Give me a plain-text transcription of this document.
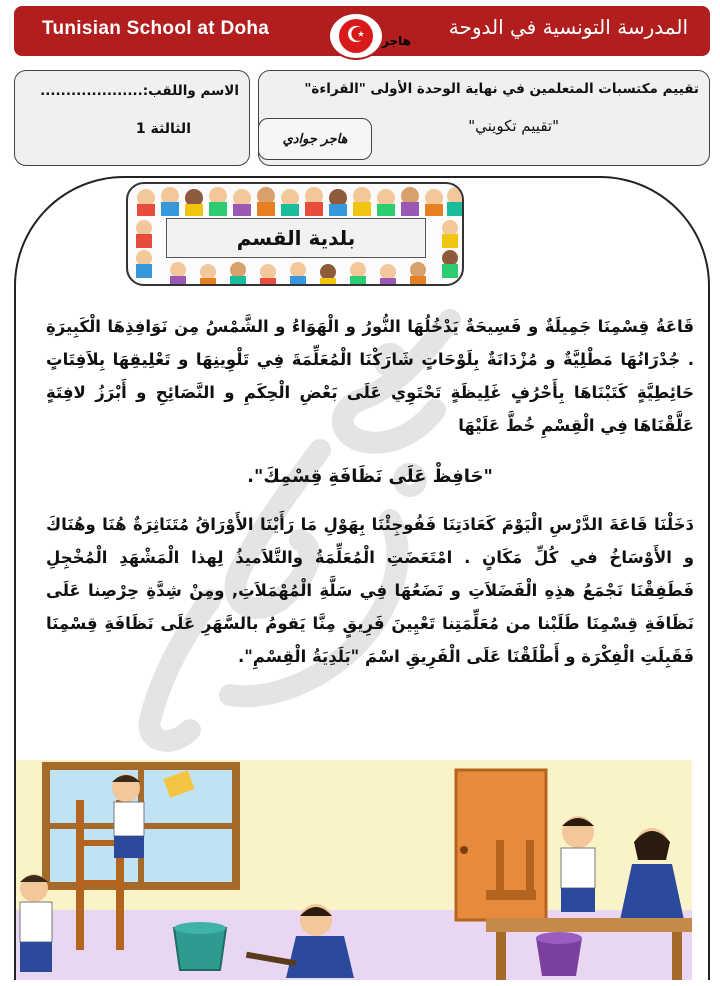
Tunisian School at Doha	المدرسة التونسية في الدوحة
☪	هاجر
تقييم مكتسبات المتعلمين في نهاية الوحدة الأولى "القراءة"
"تقييم تكويني"
هاجر جوادي
الاسم واللقب:....................
الثالثة 1
بلدية القسم
قَاعَةُ قِسْمِنَا جَمِيلَةٌ و فَسِيحَةٌ يَدْخُلُهَا النُّورُ و الْهَوَاءُ و الشَّمْسُ مِن نَوَافِذِهَا الْكَبِيرَةِ . جُدْرَانُهَا مَطْلِيَّةٌ و مُزْدَانَةٌ بِلَوْحَاتٍ شَارَكْنَا الْمُعَلِّمَةَ فِي تَلْوِينِهَا و تَعْلِيقِهَا بِلاَفِتَاتٍ حَائِطِيَّةٍ كَتَبْنَاهَا بِأَحْرُفٍ غَلِيظَةٍ تَحْتَوِي عَلَى بَعْضِ الْحِكَمِ و النَّصَائِحِ و أَبْرَزُ لافِتَةٍ عَلَّقْنَاهَا فِي الْقِسْمِ خُطَّ عَلَيْهَا
"حَافِظْ عَلَى نَظَافَةِ قِسْمِكَ".
دَخَلْنَا قَاعَةَ الدَّرْسِ الْيَوْمَ كَعَادَتِنَا فَفُوجِئْنَا بِهَوْلِ مَا رَأَيْنَا الأَوْرَاقُ مُتَنَاثِرَةٌ هُنَا وهُنَاكَ و الأَوْسَاخُ في كُلِّ مَكَانٍ . امْتَعَضَتِ الْمُعَلِّمَةُ والتَّلاَميذُ لِهذا الْمَشْهَدِ الْمُخْجِلِ فَطَفِقْنَا نَجْمَعُ هذِهِ الْفَضَلاَتِ و نَضَعُهَا فِي سَلَّةِ الْمُهْمَلاَتِ, ومِنْ شِدَّةِ حِرْصِنا عَلَى نَظَافَةِ قِسْمِنَا طَلَبْنا من مُعَلِّمَتِنا تَعْيِينَ فَرِيقٍ مِنَّا يَقومُ بالسَّهَرِ عَلَى نَظَافَةِ قِسْمِنَا فَقَبِلَتِ الْفِكْرَة و أَطْلَقْنَا عَلَى الْفَرِيقِ اسْمَ "بَلَدِيَةُ الْقِسْمِ".
